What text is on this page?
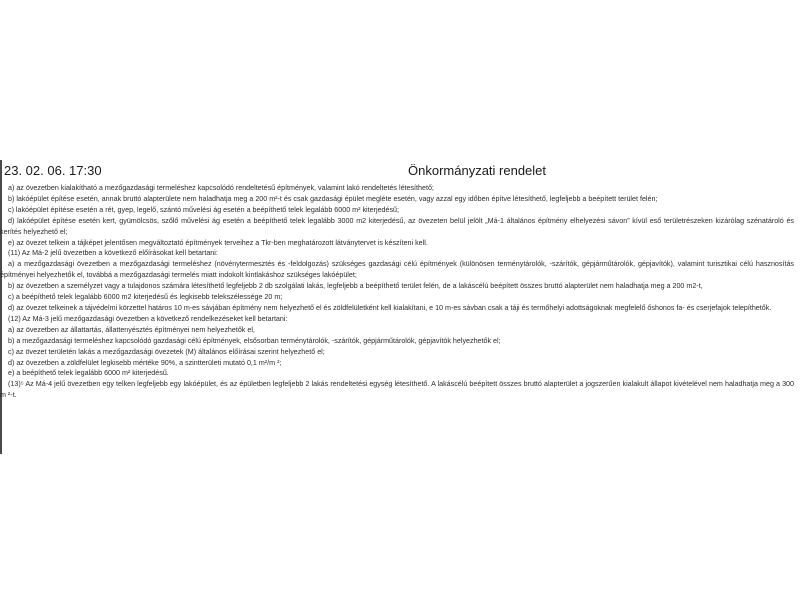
23. 02. 06. 17:30	Önkormányzati rendelet

a) az övezetben kialakítható a mezőgazdasági termeléshez kapcsolódó rendeltetésű építmények, valamint lakó rendeltetés létesíthető;

b) lakóépület építése esetén, annak bruttó alapterülete nem haladhatja meg a 200 m²-t és csak gazdasági épület megléte esetén, vagy azzal egy időben építve létesíthető, legfeljebb a beépített terület felén;

c) lakóépület építése esetén a rét, gyep, legelő, szántó művelési ág esetén a beépíthető telek legalább 6000 m² kiterjedésű;

d) lakóépület építése esetén kert, gyümölcsös, szőlő művelési ág esetén a beépíthető telek legalább 3000 m2 kiterjedésű, az övezeten belül jelölt „Má-1 általános építmény elhelyezési sávon” kívül eső területrészeken kizárólag szénatároló és kerítés helyezhető el;

e) az övezet telkein a tájképet jelentősen megváltoztató építmények terveihez a Tkr-ben meghatározott látványtervet is készíteni kell.

(11) Az Má-2 jelű övezetben a következő előírásokat kell betartani:

a) a mezőgazdasági övezetben a mezőgazdasági termeléshez (növénytermesztés és -feldolgozás) szükséges gazdasági célú építmények (különösen terménytárolók, -szárítók, gépjárműtárolók, gépjavítók), valamint turisztikai célú hasznosítás építményei helyezhetők el, továbbá a mezőgazdasági termelés miatt indokolt kintlakáshoz szükséges lakóépület;

b) az övezetben a személyzet vagy a tulajdonos számára létesíthető legfeljebb 2 db szolgálati lakás, legfeljebb a beépíthető terület felén, de a lakáscélú beépített összes bruttó alapterület nem haladhatja meg a 200 m2-t,

c) a beépíthető telek legalább 6000 m2 kiterjedésű és legkisebb telekszélessége 20 m;

d) az övezet telkeinek a tájvédelmi körzettel határos 10 m-es sávjában építmény nem helyezhető el és zöldfelületként kell kialakítani, e 10 m-es sávban csak a táji és termőhelyi adottságoknak megfelelő őshonos fa- és cserjefajok telepíthetők.

(12) Az Má-3 jelű mezőgazdasági övezetben a következő rendelkezéseket kell betartani:

a) az övezetben az állattartás, állattenyésztés építményei nem helyezhetők el,

b) a mezőgazdasági termeléshez kapcsolódó gazdasági célú építmények, elsősorban terménytárolók, -szárítók, gépjárműtárolók, gépjavítók helyezhetők el;

c) az övezet területén lakás a mezőgazdasági övezetek (M) általános előírásai szerint helyezhető el;

d) az övezetben a zöldfelület legkisebb mértéke 90%, a szintterületi mutató 0,1 m²/m ²;

e) a beépíthető telek legalább 6000 m² kiterjedésű.

(13)⁵ Az Má-4 jelű övezetben egy telken legfeljebb egy lakóépület, és az épületben legfeljebb 2 lakás rendeltetési egység létesíthető. A lakáscélú beépített összes bruttó alapterület a jogszerűen kialakult állapot kivételével nem haladhatja meg a 300 m ²-t.
